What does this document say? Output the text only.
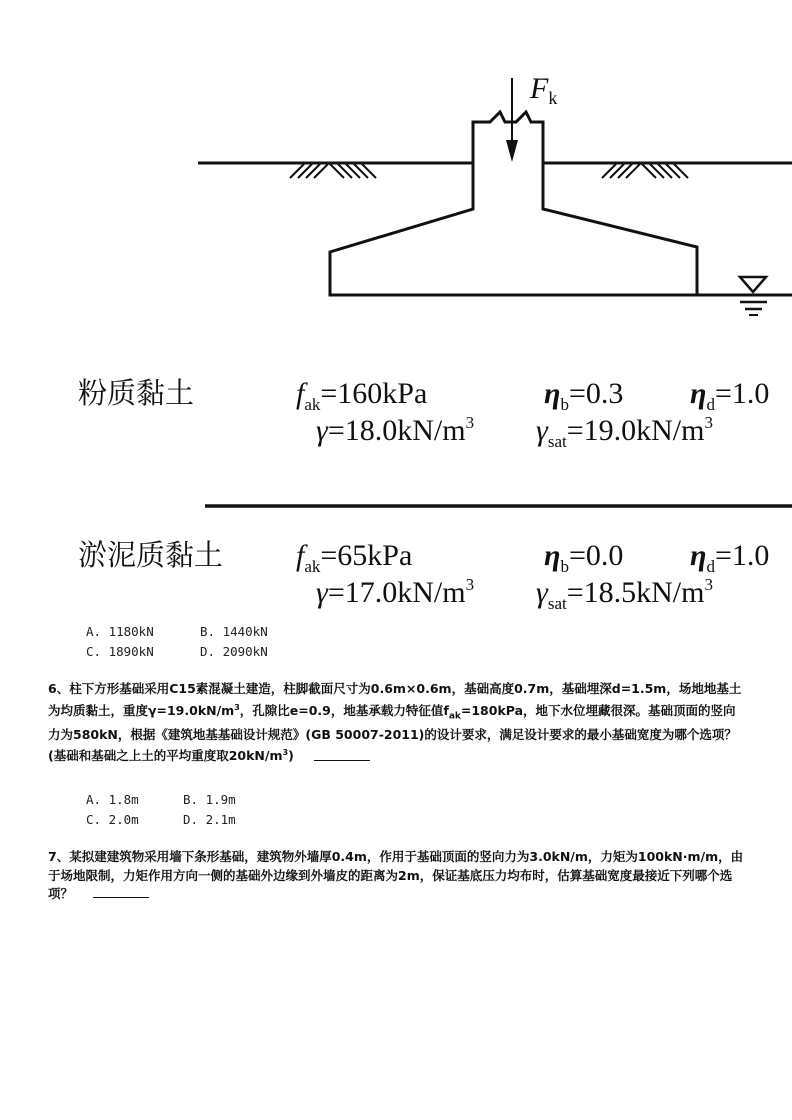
$F_k$
粉质黏土	$f_{ak}=160kPa$	$\eta_b=0.3$ $\eta_d=1.0$
$\gamma=18.0kN/m^3$ $\gamma_{sat}=19.0kN/m^3$
淤泥质黏土 $f_{ak}=65kPa$	$\eta_b=0.0$ $\eta_d=1.0$
$\gamma=17.0kN/m^3$ $\gamma_{sat}=18.5kN/m^3$
A. 1180kN	B. 1440kN
C. 1890kN	D. 2090kN

6、柱下方形基础采用C15素混凝土建造，柱脚截面尺寸为0.6m×0.6m，基础高度0.7m，基础埋深d=1.5m，场地地基土为均质黏土，重度$\gamma=19.0kN/m^3$，孔隙比e=0.9，地基承载力特征值$f_{ak}=180kPa$，地下水位埋藏很深。基础顶面的竖向力为580kN，根据《建筑地基基础设计规范》(GB 50007-2011)的设计要求，满足设计要求的最小基础宽度为哪个选项？(基础和基础之上土的平均重度取$20kN/m^3$)

A. 1.8m	B. 1.9m
C. 2.0m	D. 2.1m

7、某拟建建筑物采用墙下条形基础，建筑物外墙厚0.4m，作用于基础顶面的竖向力为3.0kN/m，力矩为100kN·m/m，由于场地限制，力矩作用方向一侧的基础外边缘到外墙皮的距离为2m，保证基底压力均布时，估算基础宽度最接近下列哪个选项？
